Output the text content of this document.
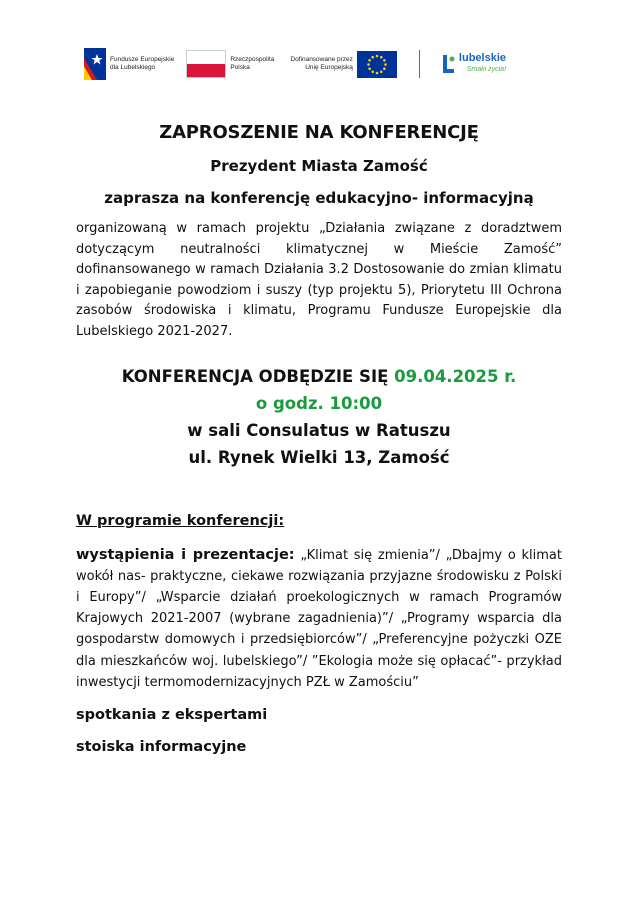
Fundusze Europejskie
dla Lubelskiego
Rzeczpospolita
Polska
Dofinansowane przez
Unię Europejską
lubelskie
Smaki życia!
ZAPROSZENIE NA KONFERENCJĘ
Prezydent Miasta Zamość
zaprasza na konferencję edukacyjno- informacyjną
organizowaną w ramach projektu „Działania związane z doradztwem dotyczącym neutralności klimatycznej w Mieście Zamość” dofinansowanego w ramach Działania 3.2 Dostosowanie do zmian klimatu i zapobieganie powodziom i suszy (typ projektu 5), Priorytetu III Ochrona zasobów środowiska i klimatu, Programu Fundusze Europejskie dla Lubelskiego 2021-2027.
KONFERENCJA ODBĘDZIE SIĘ 09.04.2025 r.
o godz. 10:00
w sali Consulatus w Ratuszu
ul. Rynek Wielki 13, Zamość
W programie konferencji:
wystąpienia i prezentacje: „Klimat się zmienia”/ „Dbajmy o klimat wokół nas- praktyczne, ciekawe rozwiązania przyjazne środowisku z Polski i Europy”/ „Wsparcie działań proekologicznych w ramach Programów Krajowych 2021-2007 (wybrane zagadnienia)”/ „Programy wsparcia dla gospodarstw domowych i przedsiębiorców”/ „Preferencyjne pożyczki OZE dla mieszkańców woj. lubelskiego”/ ”Ekologia może się opłacać”- przykład inwestycji termomodernizacyjnych PZŁ w Zamościu”
spotkania z ekspertami
stoiska informacyjne
